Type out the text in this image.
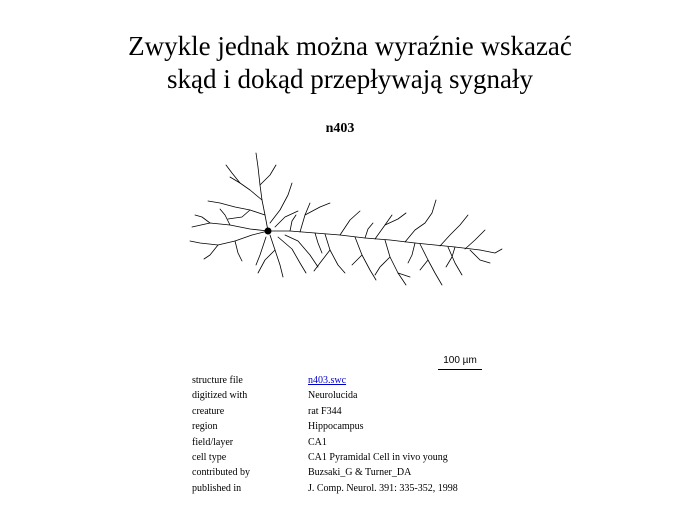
Zwykle jednak można wyraźnie wskazać
skąd i dokąd przepływają sygnały
n403
100 µm
structure file	n403.swc
digitized with	Neurolucida
creature	rat F344
region	Hippocampus
field/layer	CA1
cell type	CA1 Pyramidal Cell in vivo young
contributed by	Buzsaki_G & Turner_DA
published in	J. Comp. Neurol. 391: 335-352, 1998
